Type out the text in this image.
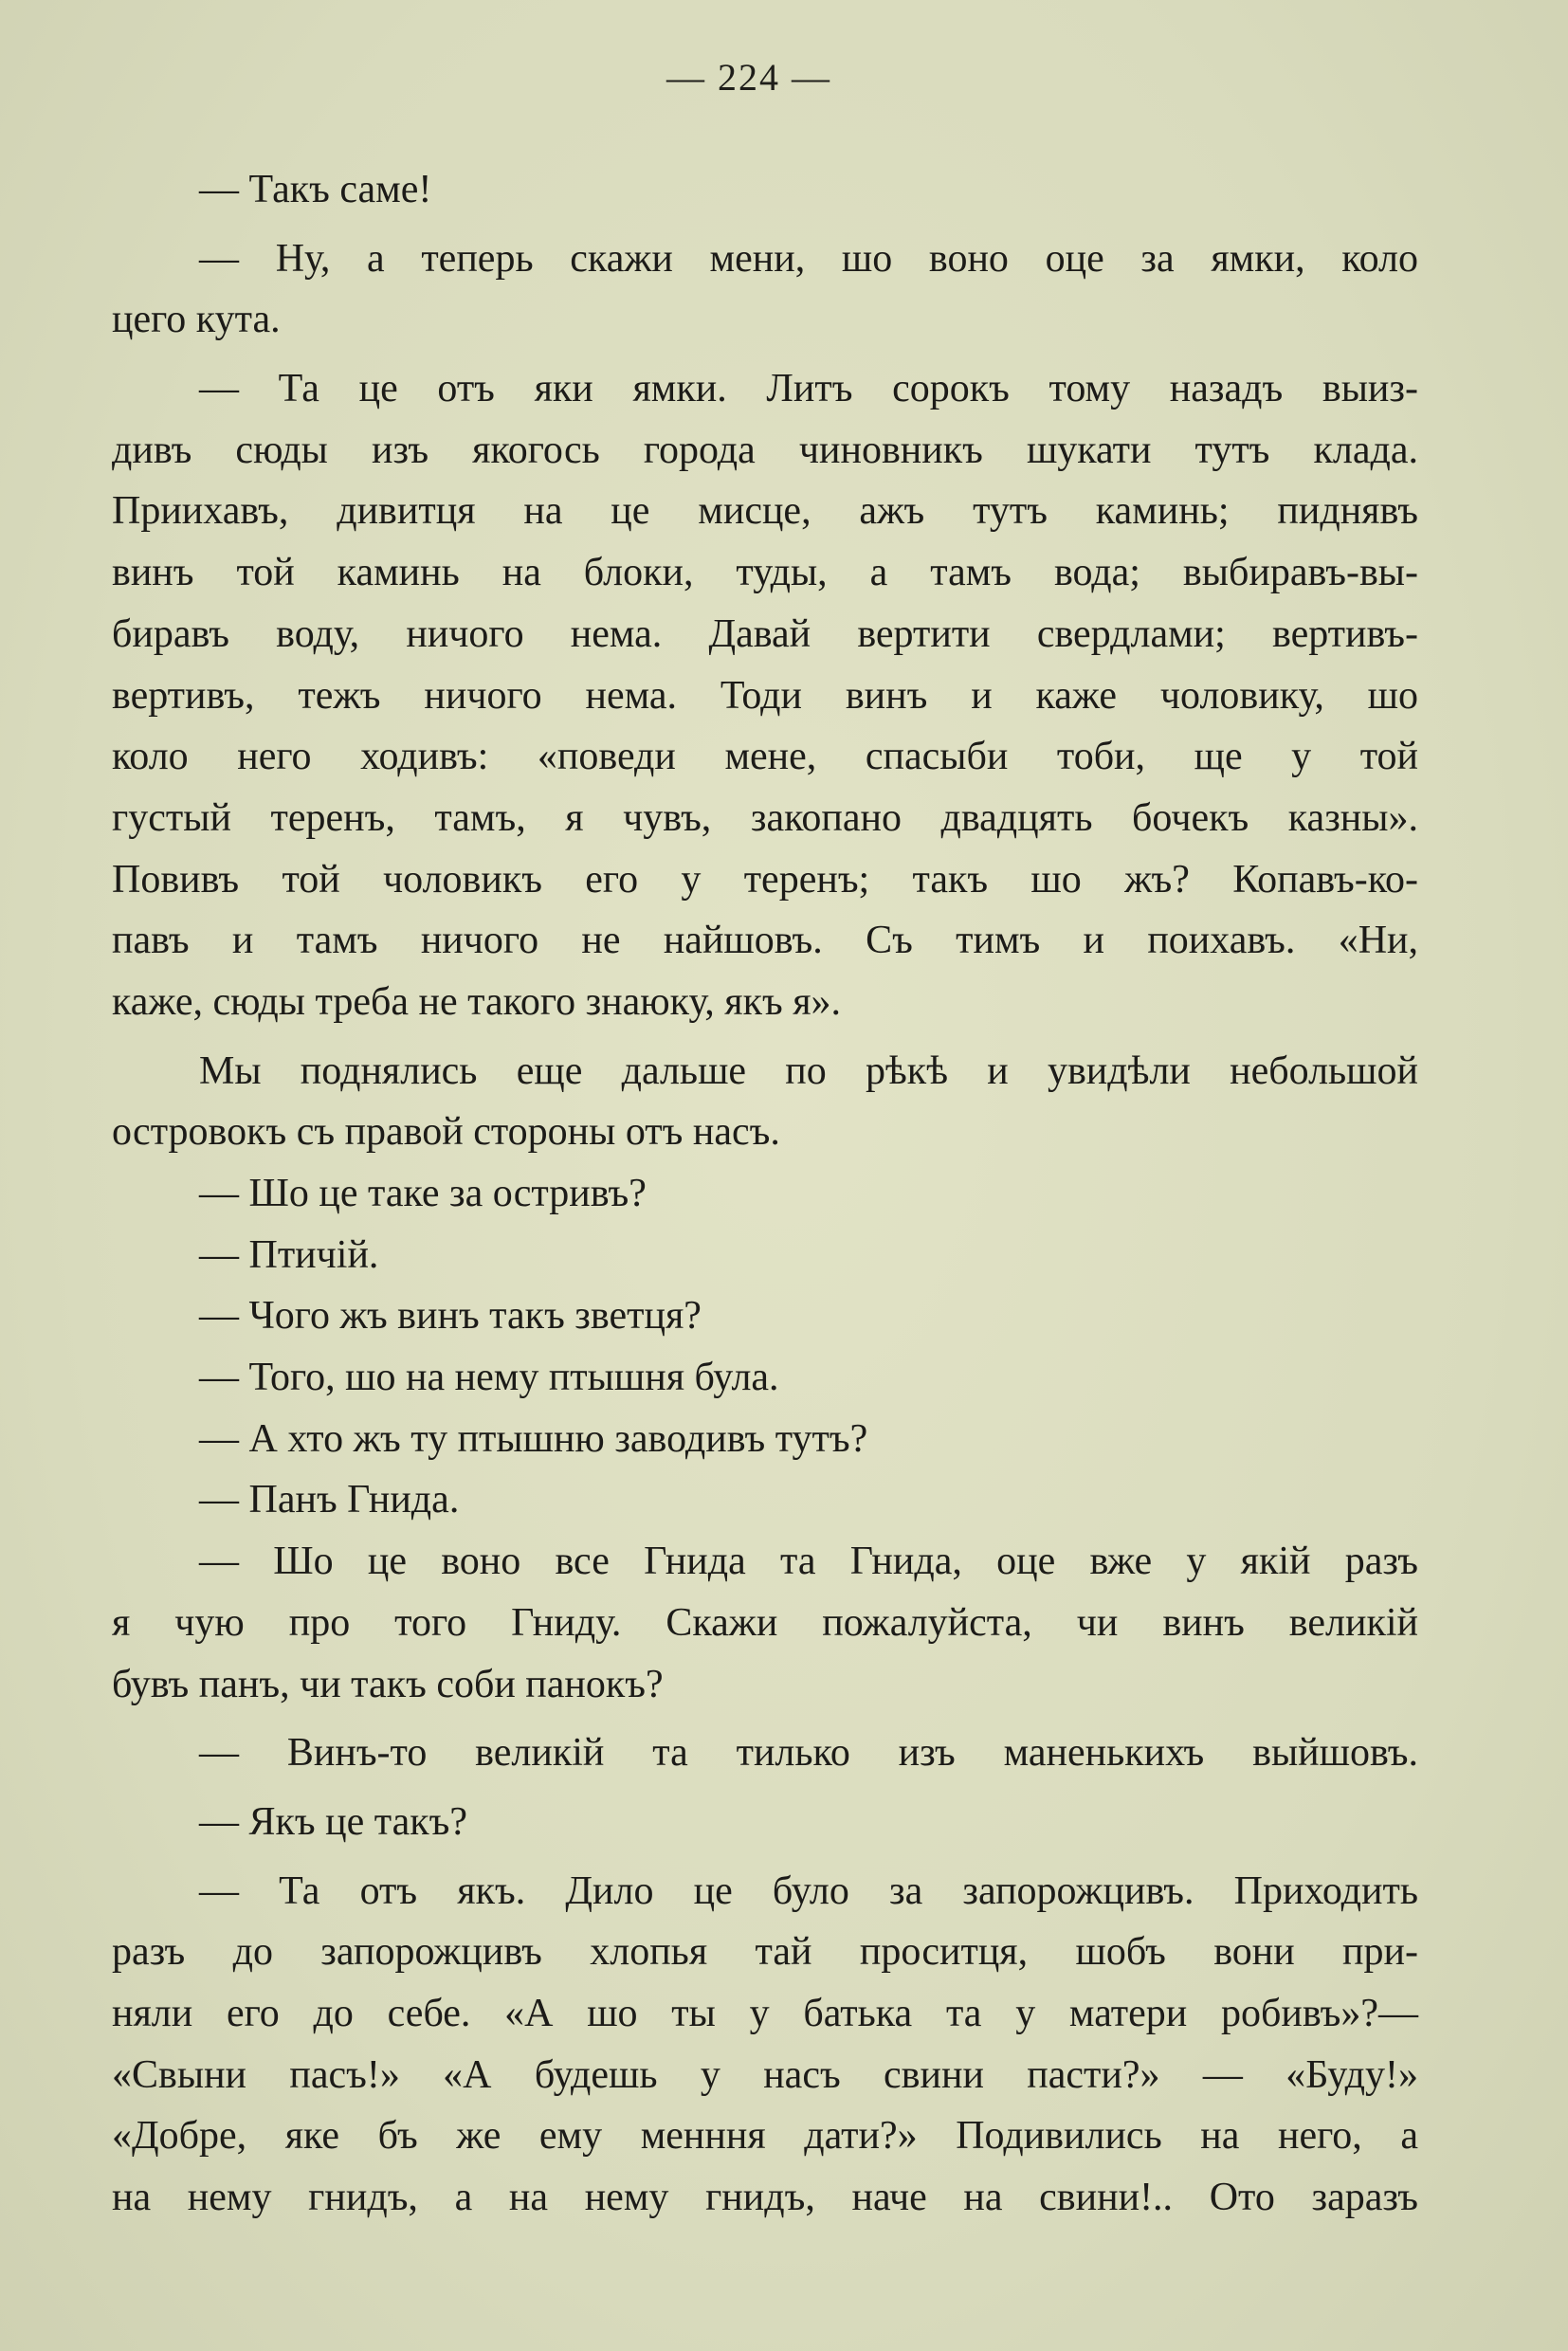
— 224 —
— Такъ саме!
— Ну, а теперь скажи мени, шо воно оце за ямки, коло
цего кута.
— Та це отъ яки ямки. Литъ сорокъ тому назадъ выиз-
дивъ сюды изъ якогось города чиновникъ шукати тутъ клада.
Приихавъ, дивитця на це мисце, ажъ тутъ каминь; пиднявъ
винъ той каминь на блоки, туды, а тамъ вода; выбиравъ-вы-
биравъ воду, ничого нема. Давай вертити свердлами; вертивъ-
вертивъ, тежъ ничого нема. Тоди винъ и каже чоловику, шо
коло него ходивъ: «поведи мене, спасыби тоби, ще у той
густый теренъ, тамъ, я чувъ, закопано двадцять бочекъ казны».
Повивъ той чоловикъ его у теренъ; такъ шо жъ? Копавъ-ко-
павъ и тамъ ничого не найшовъ. Съ тимъ и поихавъ. «Ни,
каже, сюды треба не такого знаюку, якъ я».
Мы поднялись еще дальше по рѣкѣ и увидѣли небольшой
островокъ съ правой стороны отъ насъ.
— Шо це таке за остривъ?
— Птичій.
— Чого жъ винъ такъ зветця?
— Того, шо на нему птышня була.
— А хто жъ ту птышню заводивъ тутъ?
— Панъ Гнида.
— Шо це воно все Гнида та Гнида, оце вже у якій разъ
я чую про того Гниду. Скажи пожалуйста, чи винъ великій
бувъ панъ, чи такъ соби панокъ?
— Винъ-то великій та тилько изъ маненькихъ выйшовъ.
— Якъ це такъ?
— Та отъ якъ. Дило це було за запорожцивъ. Приходить
разъ до запорожцивъ хлопья тай проситця, шобъ вони при-
няли его до себе. «А шо ты у батька та у матери робивъ»?—
«Свыни пасъ!» «А будешь у насъ свини пасти?» — «Буду!»
«Добре, яке бъ же ему менння дати?» Подивились на него, а
на нему гнидъ, а на нему гнидъ, наче на свини!.. Ото заразъ
